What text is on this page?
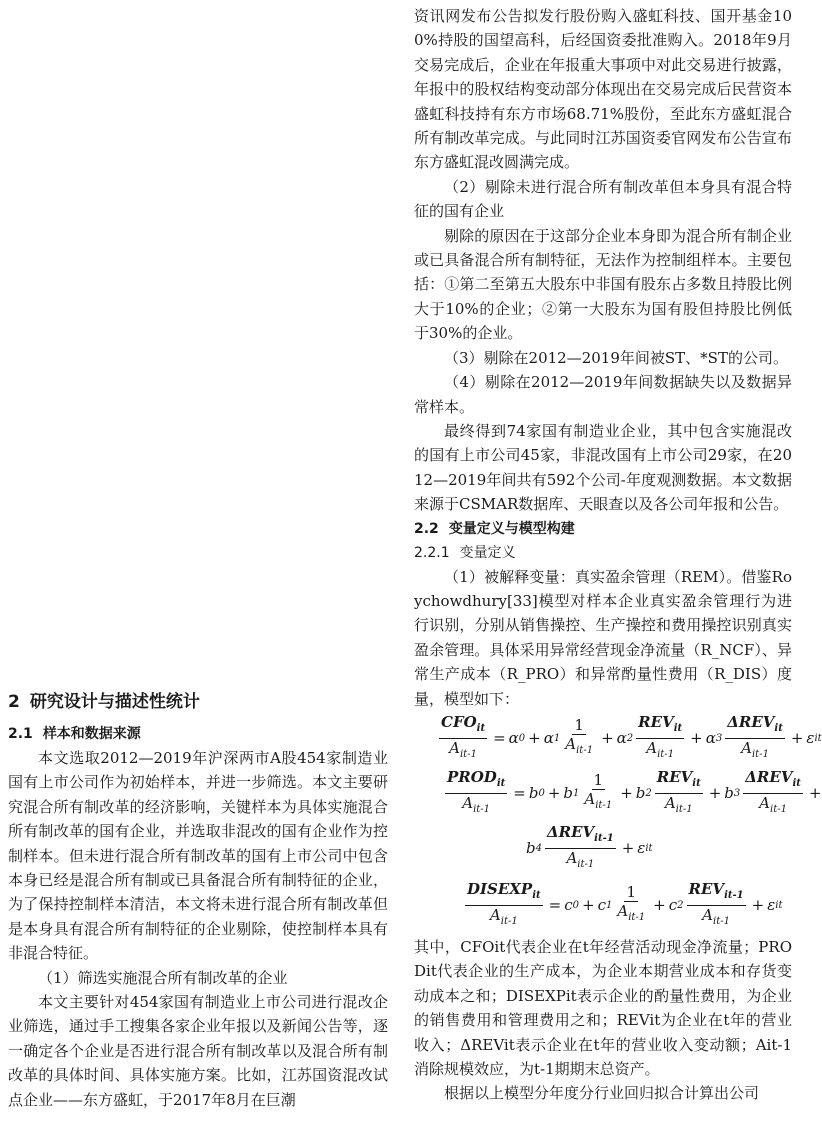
2 研究设计与描述性统计

2.1 样本和数据来源

本文选取2012—2019年沪深两市A股454家制造业国有上市公司作为初始样本，并进一步筛选。本文主要研究混合所有制改革的经济影响，关键样本为具体实施混合所有制改革的国有企业，并选取非混改的国有企业作为控制样本。但未进行混合所有制改革的国有上市公司中包含本身已经是混合所有制或已具备混合所有制特征的企业，为了保持控制样本清洁，本文将未进行混合所有制改革但是本身具有混合所有制特征的企业剔除，使控制样本具有非混合特征。

（1）筛选实施混合所有制改革的企业

本文主要针对454家国有制造业上市公司进行混改企业筛选，通过手工搜集各家企业年报以及新闻公告等，逐一确定各个企业是否进行混合所有制改革以及混合所有制改革的具体时间、具体实施方案。比如，江苏国资混改试点企业——东方盛虹，于2017年8月在巨潮

资讯网发布公告拟发行股份购入盛虹科技、国开基金100%持股的国望高科，后经国资委批准购入。2018年9月交易完成后，企业在年报重大事项中对此交易进行披露，年报中的股权结构变动部分体现出在交易完成后民营资本盛虹科技持有东方市场68.71%股份，至此东方盛虹混合所有制改革完成。与此同时江苏国资委官网发布公告宣布东方盛虹混改圆满完成。

（2）剔除未进行混合所有制改革但本身具有混合特征的国有企业

剔除的原因在于这部分企业本身即为混合所有制企业或已具备混合所有制特征，无法作为控制组样本。主要包括：①第二至第五大股东中非国有股东占多数且持股比例大于10%的企业；②第一大股东为国有股但持股比例低于30%的企业。

（3）剔除在2012—2019年间被ST、*ST的公司。

（4）剔除在2012—2019年间数据缺失以及数据异常样本。

最终得到74家国有制造业企业，其中包含实施混改的国有上市公司45家，非混改国有上市公司29家，在2012—2019年间共有592个公司-年度观测数据。本文数据来源于CSMAR数据库、天眼查以及各公司年报和公告。

2.2 变量定义与模型构建

2.2.1 变量定义

（1）被解释变量：真实盈余管理（REM）。借鉴Roychowdhury[33]模型对样本企业真实盈余管理行为进行识别，分别从销售操控、生产操控和费用操控识别真实盈余管理。具体采用异常经营现金净流量（R_NCF）、异常生产成本（R_PRO）和异常酌量性费用（R_DIS）度量，模型如下：

$\frac{CFO_{it}}{A_{it-1}} = \alpha$ 0 + α $1 \frac{1}{A_{it-1}} + \alpha$ $2 \frac{REV_{it}}{A_{it-1}} + \alpha$ $3 \frac{\Delta REV_{it}}{A_{it-1}} + \varepsilon$ it
$\frac{PROD_{it}}{A_{it-1}} = b$ 0 + b $1 \frac{1}{A_{it-1}} + b$ $2 \frac{REV_{it}}{A_{it-1}} + b$ $3 \frac{\Delta REV_{it}}{A_{it-1}}$ +
b $4 \frac{\Delta REV_{it-1}}{A_{it-1}} + \varepsilon$ it
$\frac{DISEXP_{it}}{A_{it-1}} = c$ 0 + c $1 \frac{1}{A_{it-1}} + c$ $2 \frac{REV_{it-1}}{A_{it-1}} + \varepsilon$ it

其中，CFOit代表企业在t年经营活动现金净流量；PRODit代表企业的生产成本，为企业本期营业成本和存货变动成本之和；DISEXPit表示企业的酌量性费用，为企业的销售费用和管理费用之和；REVit为企业在t年的营业收入；ΔREVit表示企业在t年的营业收入变动额；Ait-1消除规模效应，为t-1期期末总资产。

根据以上模型分年度分行业回归拟合计算出公司
